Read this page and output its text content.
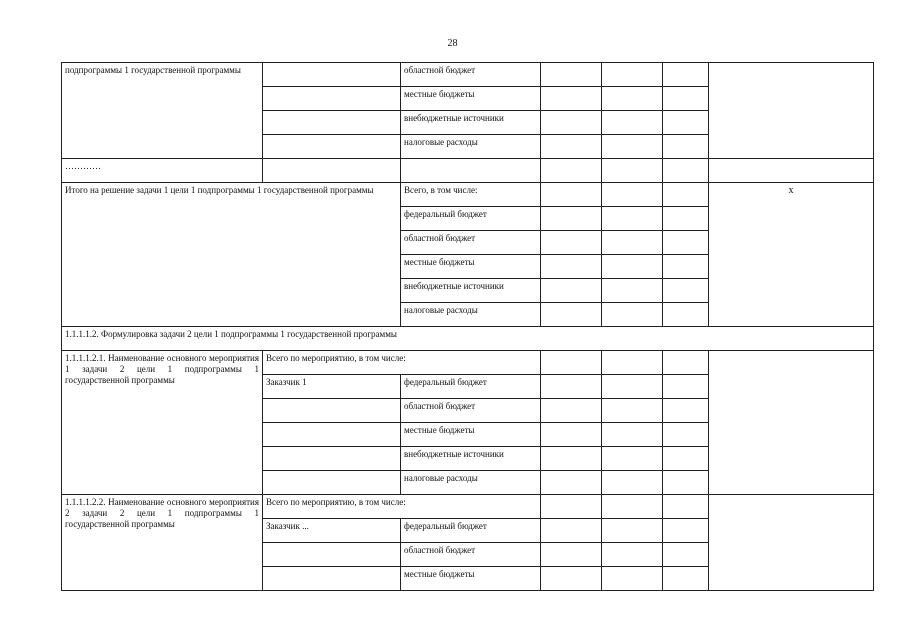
28
подпрограммы 1 государственной программы		областной бюджет				
		местные бюджеты				
		внебюджетные источники				
		налоговые расходы				
…………						
Итого на решение задачи 1 цели 1 подпрограммы 1 государственной программы		Всего, в том числе:				х
		федеральный бюджет				
		областной бюджет				
		местные бюджеты				
		внебюджетные источники				
		налоговые расходы				
1.1.1.1.2. Формулировка задачи 2 цели 1 подпрограммы 1 государственной программы						
1.1.1.1.2.1. Наименование основного мероприятия 1 задачи 2 цели 1 подпрограммы 1 государственной программы	Всего по мероприятию, в том числе:					
	Заказчик 1	федеральный бюджет				
		областной бюджет				
		местные бюджеты				
		внебюджетные источники				
		налоговые расходы				
1.1.1.1.2.2. Наименование основного мероприятия 2 задачи 2 цели 1 подпрограммы 1 государственной программы	Всего по мероприятию, в том числе:					
	Заказчик ...	федеральный бюджет				
		областной бюджет				
		местные бюджеты				
